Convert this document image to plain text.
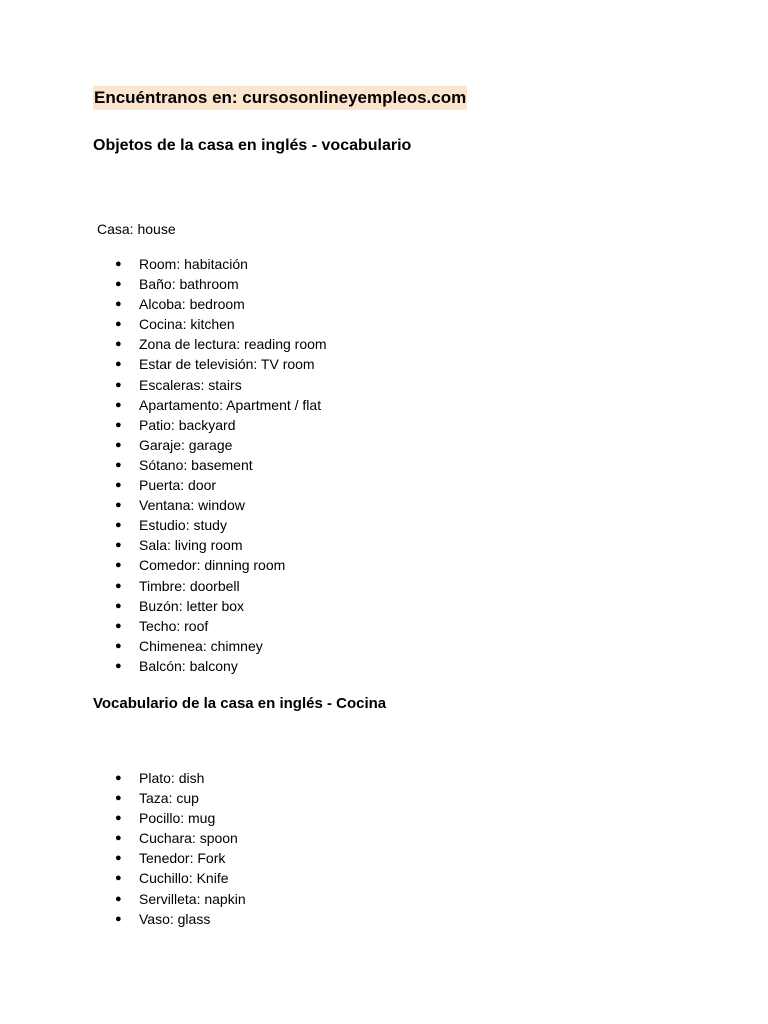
Encuéntranos en: cursosonlineyempleos.com
Objetos de la casa en inglés - vocabulario
Casa: house
● Room: habitación
● Baño: bathroom
● Alcoba: bedroom
● Cocina: kitchen
● Zona de lectura: reading room
● Estar de televisión: TV room
● Escaleras: stairs
● Apartamento: Apartment / flat
● Patio: backyard
● Garaje: garage
● Sótano: basement
● Puerta: door
● Ventana: window
● Estudio: study
● Sala: living room
● Comedor: dinning room
● Timbre: doorbell
● Buzón: letter box
● Techo: roof
● Chimenea: chimney
● Balcón: balcony
Vocabulario de la casa en inglés - Cocina
● Plato: dish
● Taza: cup
● Pocillo: mug
● Cuchara: spoon
● Tenedor: Fork
● Cuchillo: Knife
● Servilleta: napkin
● Vaso: glass
